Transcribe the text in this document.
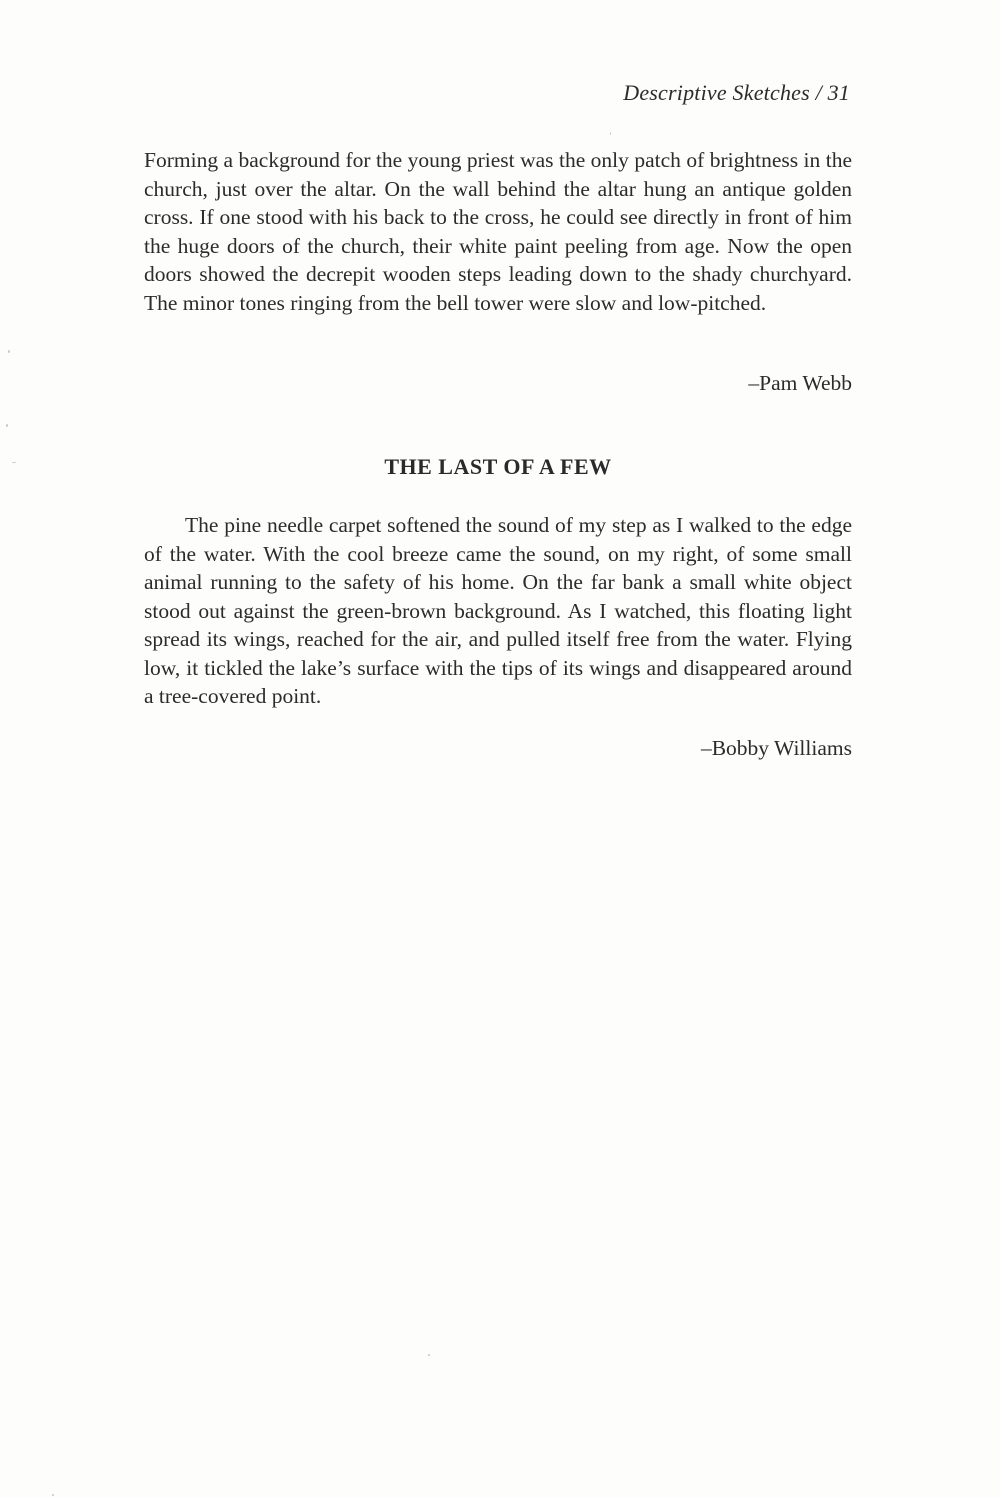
Descriptive Sketches / 31

Forming a background for the young priest was the only patch of brightness in the church, just over the altar. On the wall behind the altar hung an antique golden cross. If one stood with his back to the cross, he could see directly in front of him the huge doors of the church, their white paint peeling from age. Now the open doors showed the decrepit wooden steps leading down to the shady churchyard. The minor tones ringing from the bell tower were slow and low-pitched.

–Pam Webb
THE LAST OF A FEW

The pine needle carpet softened the sound of my step as I walked to the edge of the water. With the cool breeze came the sound, on my right, of some small animal running to the safety of his home. On the far bank a small white object stood out against the green-brown background. As I watched, this floating light spread its wings, reached for the air, and pulled itself free from the water. Flying low, it tickled the lake’s surface with the tips of its wings and disappeared around a tree-covered point.

–Bobby Williams
